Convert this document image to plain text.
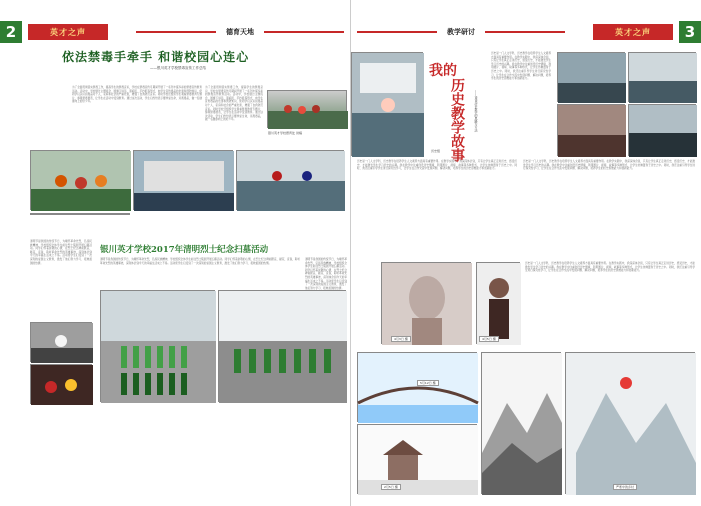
2	英才之声	德育天地
依法禁毒手牵手 和谐校园心连心
——银川英才学校禁毒宣传工作总结
为了全面贯彻落实禁毒工作，提高学生的禁毒意识，学校在禁毒宣传月期间开展了一系列丰富多彩的禁毒宣传教育活动。活动中，学校通过主题班会、国旗下讲话、黑板报、手抄报等形式，向学生宣传毒品的危害和预防知识，使同学们认识到毒品对个人、家庭和社会的严重危害，增强了自我防范意识。同时学校还组织学生观看禁毒教育专题片，参观禁毒展览，让学生在活动中受到教育。通过这次活动，学生们纷纷表示要珍爱生命，远离毒品，做一名健康向上的好少年。
为了全面贯彻落实禁毒工作，提高学生的禁毒意识，学校在禁毒宣传月期间开展了一系列丰富多彩的禁毒宣传教育活动。活动中，学校通过主题班会、国旗下讲话、黑板报、手抄报等形式，向学生宣传毒品的危害和预防知识，使同学们认识到毒品对个人、家庭和社会的严重危害，增强了自我防范意识。同时学校还组织学生观看禁毒教育专题片，参观禁毒展览，让学生在活动中受到教育。通过这次活动，学生们纷纷表示要珍爱生命，远离毒品，做一名健康向上的好少年。
银川英才学校德育处 供稿
清明节是我国的传统节日，为缅怀革命先烈，弘扬民族精神，学校组织全体学生前往烈士陵园开展扫墓活动。同学们怀着崇敬的心情，在烈士纪念碑前默哀、献花、宣誓，聆听革命先烈的英雄事迹，深刻体会到今天的幸福生活来之不易。活动使学生们受到了一次深刻的爱国主义教育，激发了他们努力学习、报效祖国的热情。
银川英才学校2017年清明烈士纪念扫墓活动
清明节是我国的传统节日，为缅怀革命先烈，弘扬民族精神，学校组织全体学生前往烈士陵园开展扫墓活动。同学们怀着崇敬的心情，在烈士纪念碑前默哀、献花、宣誓，聆听革命先烈的英雄事迹，深刻体会到今天的幸福生活来之不易。活动使学生们受到了一次深刻的爱国主义教育，激发了他们努力学习、报效祖国的热情。
清明节是我国的传统节日，为缅怀革命先烈，弘扬民族精神，学校组织全体学生前往烈士陵园开展扫墓活动。同学们怀着崇敬的心情，在烈士纪念碑前默哀、献花、宣誓，聆听革命先烈的英雄事迹，深刻体会到今天的幸福生活来之不易。活动使学生们受到了一次深刻的爱国主义教育，激发了他们努力学习、报效祖国的热情。
教学研讨	英才之声	3
我的
历史教学故事	——谈谈历史教学的思路与方法
历史组
历史是一门人文学科，历史教学在培养学生人文素养方面具有重要作用。在教学实践中，我深深体会到，只有让学生真正走进历史，感受历史，才能激发学生学习历史的兴趣。我在教学中注重创设历史情境，利用图片、视频、故事等多种形式，让学生仿佛置身于历史之中。同时，我还注重引导学生进行探究性学习，让学生在合作交流中发现问题、解决问题，培养学生的历史思维能力和创新能力。
历史是一门人文学科，历史教学在培养学生人文素养方面具有重要作用。在教学实践中，我深深体会到，只有让学生真正走进历史，感受历史，才能激发学生学习历史的兴趣。我在教学中注重创设历史情境，利用图片、视频、故事等多种形式，让学生仿佛置身于历史之中。同时，我还注重引导学生进行探究性学习，让学生在合作交流中发现问题、解决问题，培养学生的历史思维能力和创新能力。
历史是一门人文学科，历史教学在培养学生人文素养方面具有重要作用。在教学实践中，我深深体会到，只有让学生真正走进历史，感受历史，才能激发学生学习历史的兴趣。我在教学中注重创设历史情境，利用图片、视频、故事等多种形式，让学生仿佛置身于历史之中。同时，我还注重引导学生进行探究性学习，让学生在合作交流中发现问题、解决问题，培养学生的历史思维能力和创新能力。
4月3日 摄	4月5日 摄
历史是一门人文学科，历史教学在培养学生人文素养方面具有重要作用。在教学实践中，我深深体会到，只有让学生真正走进历史，感受历史，才能激发学生学习历史的兴趣。我在教学中注重创设历史情境，利用图片、视频、故事等多种形式，让学生仿佛置身于历史之中。同时，我还注重引导学生进行探究性学习，让学生在合作交流中发现问题、解决问题，培养学生的历史思维能力和创新能力。
5月12日 摄
2月5日 摄	严寒中的乡村
